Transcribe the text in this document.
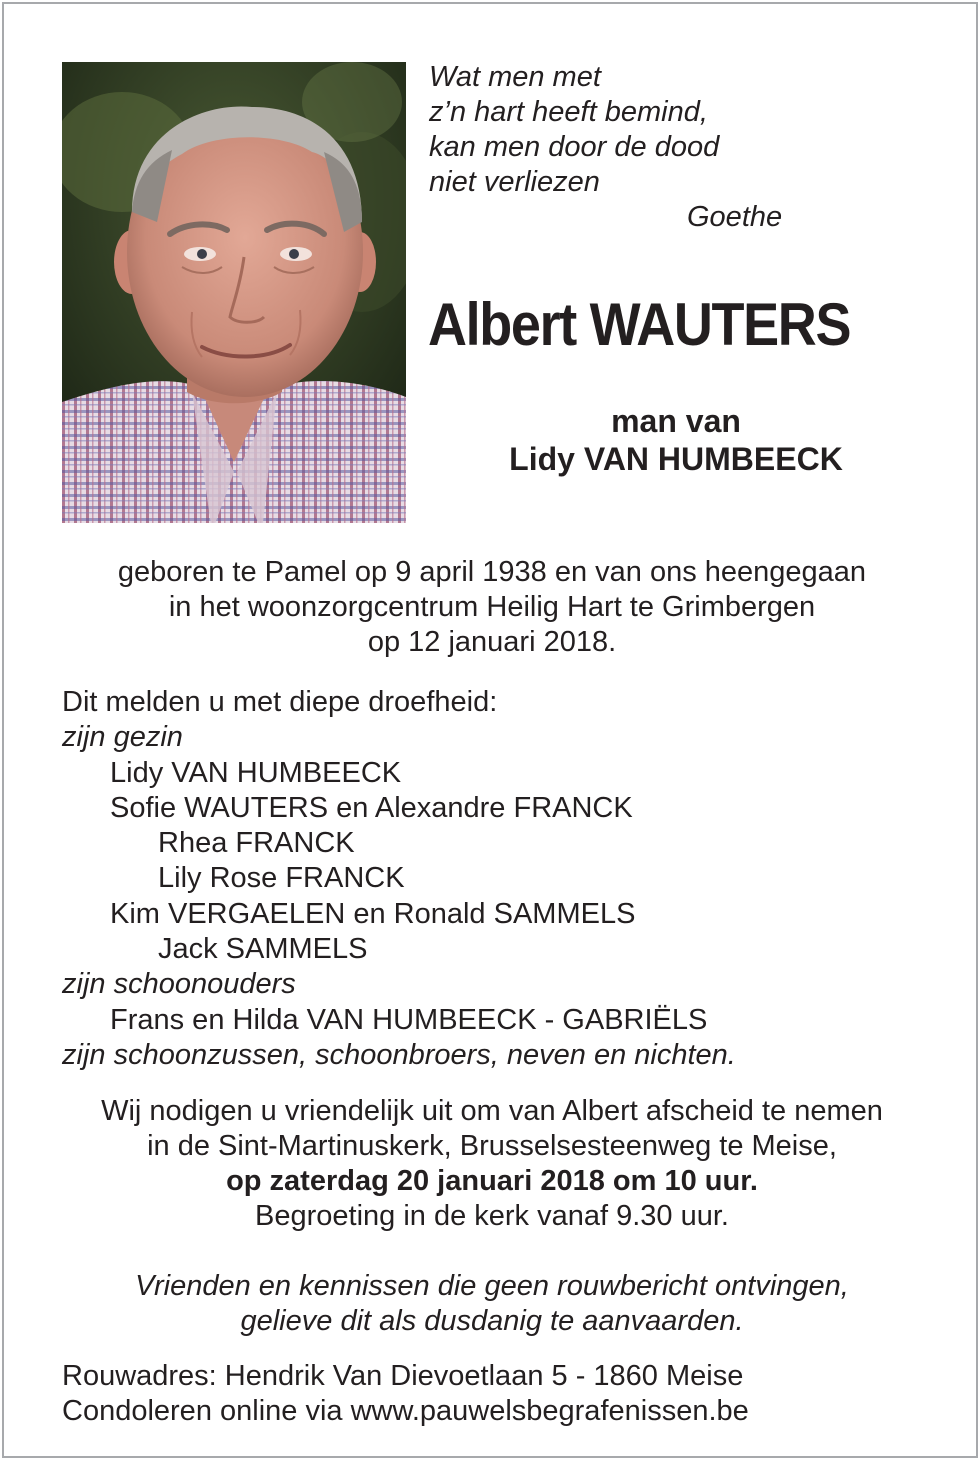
Wat men met
z’n hart heeft bemind,
kan men door de dood
niet verliezen
Goethe
Albert WAUTERS
man van
Lidy VAN HUMBEECK
geboren te Pamel op 9 april 1938 en van ons heengegaan
in het woonzorgcentrum Heilig Hart te Grimbergen
op 12 januari 2018.
Dit melden u met diepe droefheid:
zijn gezin
Lidy VAN HUMBEECK
Sofie WAUTERS en Alexandre FRANCK
Rhea FRANCK
Lily Rose FRANCK
Kim VERGAELEN en Ronald SAMMELS
Jack SAMMELS
zijn schoonouders
Frans en Hilda VAN HUMBEECK - GABRIËLS
zijn schoonzussen, schoonbroers, neven en nichten.
Wij nodigen u vriendelijk uit om van Albert afscheid te nemen
in de Sint-Martinuskerk, Brusselsesteenweg te Meise,
op zaterdag 20 januari 2018 om 10 uur.
Begroeting in de kerk vanaf 9.30 uur.
Vrienden en kennissen die geen rouwbericht ontvingen,
gelieve dit als dusdanig te aanvaarden.
Rouwadres: Hendrik Van Dievoetlaan 5 - 1860 Meise
Condoleren online via www.pauwelsbegrafenissen.be
